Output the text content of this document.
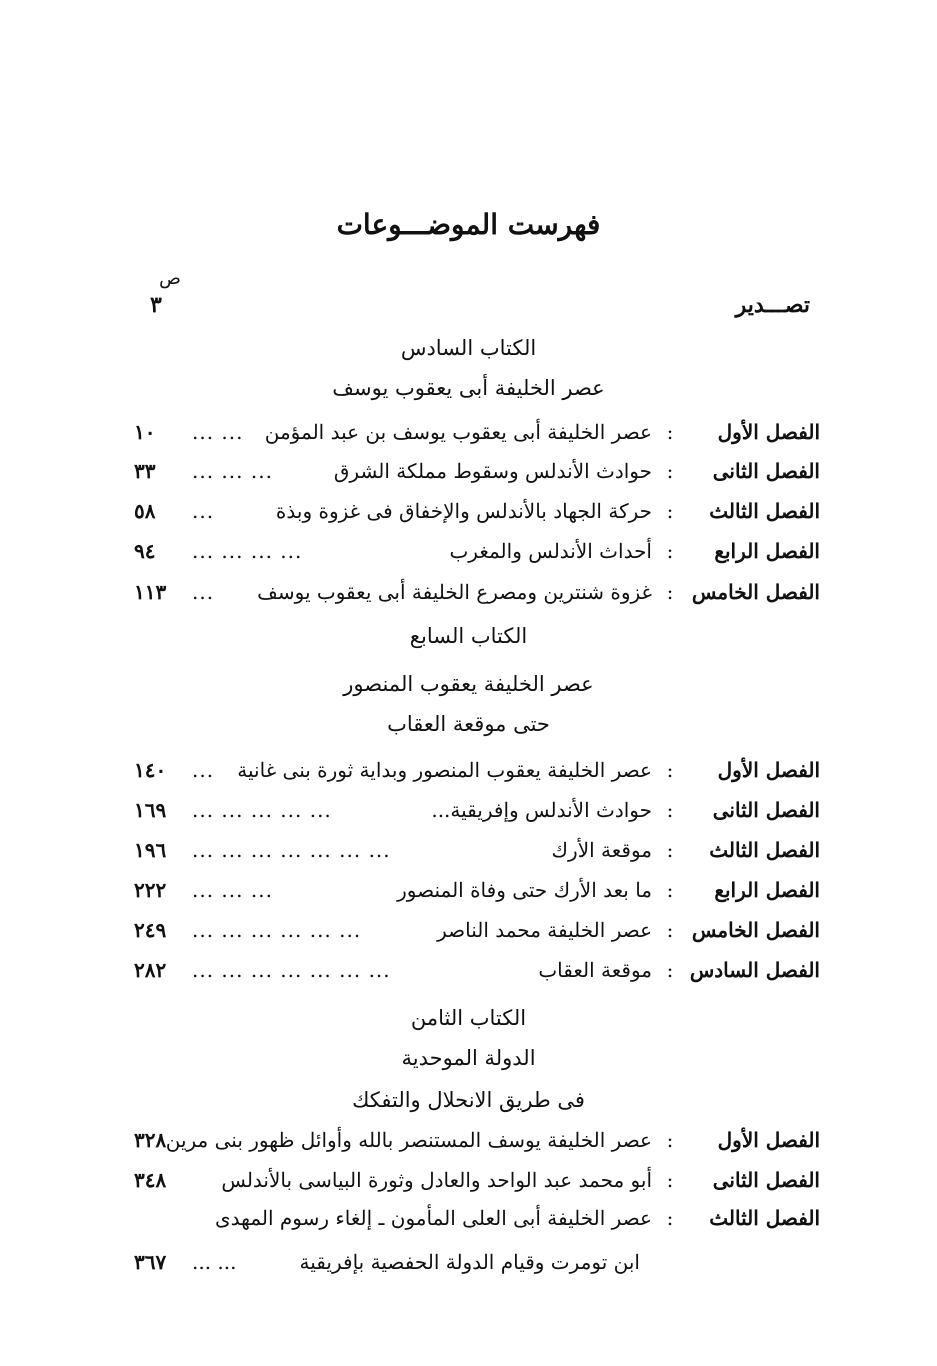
فهرست الموضـــوعات
ص
تصـــدير
٣
الكتاب السادس
عصر الخليفة أبى يعقوب يوسف
الفصل الأول
:
عصر الخليفة أبى يعقوب يوسف بن عبد المؤمن
... ...
١٠
الفصل الثانى
:
حوادث الأندلس وسقوط مملكة الشرق
... ... ...
٣٣
الفصل الثالث
:
حركة الجهاد بالأندلس والإخفاق فى غزوة وبذة
...
٥٨
الفصل الرابع
:
أحداث الأندلس والمغرب
... ... ... ...
٩٤
الفصل الخامس
:
غزوة شنترين ومصرع الخليفة أبى يعقوب يوسف
...
١١٣
الكتاب السابع
عصر الخليفة يعقوب المنصور
حتى موقعة العقاب
الفصل الأول
:
عصر الخليفة يعقوب المنصور وبداية ثورة بنى غانية
...
١٤٠
الفصل الثانى
:
حوادث الأندلس وإفريقية...
... ... ... ... ...
١٦٩
الفصل الثالث
:
موقعة الأرك
... ... ... ... ... ... ...
١٩٦
الفصل الرابع
:
ما بعد الأرك حتى وفاة المنصور
... ... ...
٢٢٢
الفصل الخامس
:
عصر الخليفة محمد الناصر
... ... ... ... ... ...
٢٤٩
الفصل السادس
:
موقعة العقاب
... ... ... ... ... ... ...
٢٨٢
الكتاب الثامن
الدولة الموحدية
فى طريق الانحلال والتفكك
الفصل الأول
:
عصر الخليفة يوسف المستنصر بالله وأوائل ظهور بنى مرين
٣٢٨
الفصل الثانى
:
أبو محمد عبد الواحد والعادل وثورة البياسى بالأندلس
٣٤٨
الفصل الثالث
:
عصر الخليفة أبى العلى المأمون ـ إلغاء رسوم المهدى
ابن تومرت وقيام الدولة الحفصية بإفريقية
... ...
٣٦٧
